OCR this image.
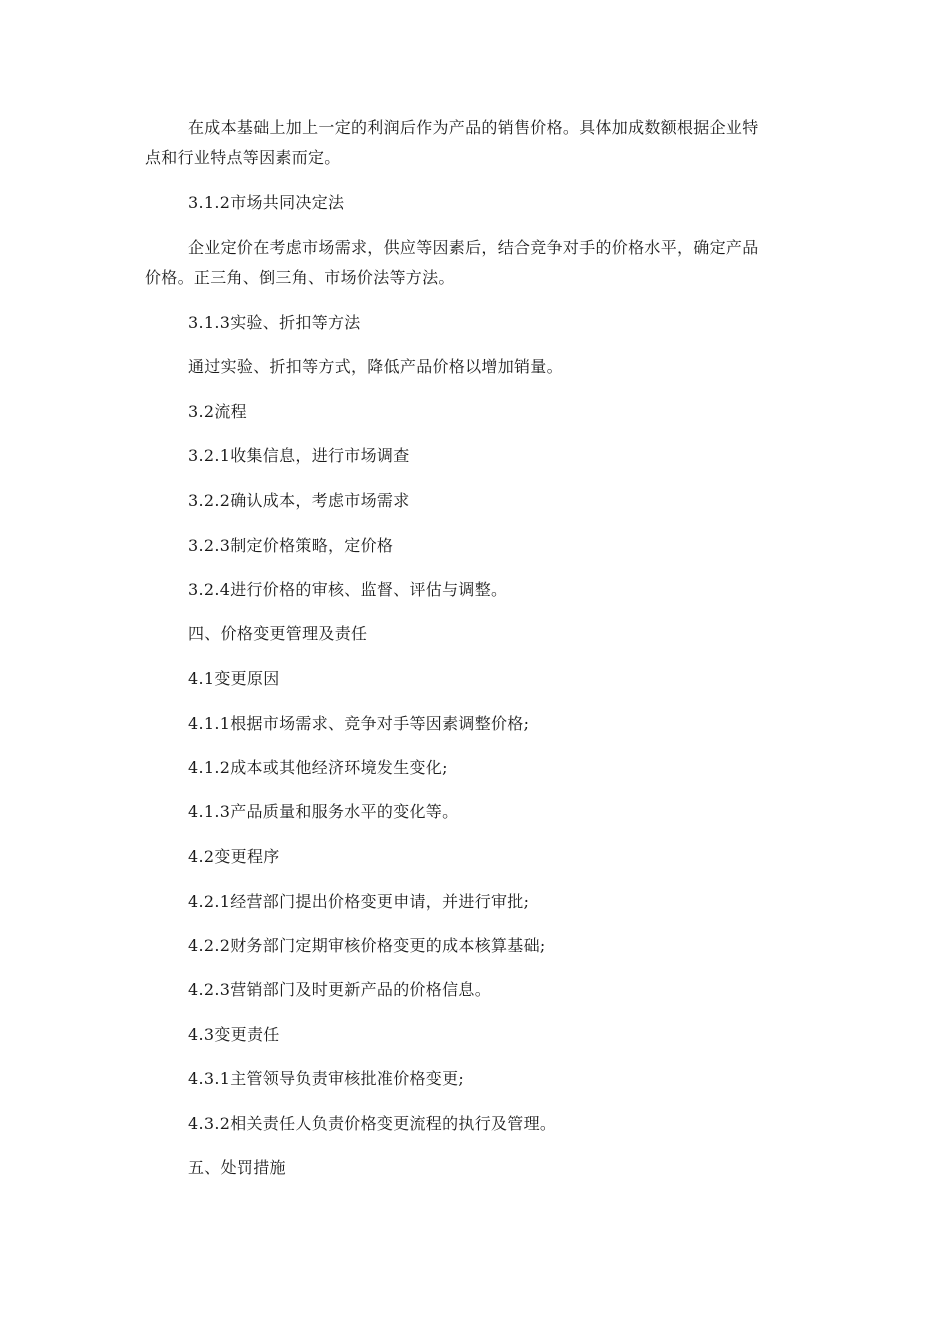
在成本基础上加上一定的利润后作为产品的销售价格。具体加成数额根据企业特
点和行业特点等因素而定。
3.1.2市场共同决定法
企业定价在考虑市场需求，供应等因素后，结合竞争对手的价格水平，确定产品
价格。正三角、倒三角、市场价法等方法。
3.1.3实验、折扣等方法
通过实验、折扣等方式，降低产品价格以增加销量。
3.2流程
3.2.1收集信息，进行市场调查
3.2.2确认成本，考虑市场需求
3.2.3制定价格策略，定价格
3.2.4进行价格的审核、监督、评估与调整。
四、价格变更管理及责任
4.1变更原因
4.1.1根据市场需求、竞争对手等因素调整价格;
4.1.2成本或其他经济环境发生变化;
4.1.3产品质量和服务水平的变化等。
4.2变更程序
4.2.1经营部门提出价格变更申请，并进行审批;
4.2.2财务部门定期审核价格变更的成本核算基础;
4.2.3营销部门及时更新产品的价格信息。
4.3变更责任
4.3.1主管领导负责审核批准价格变更;
4.3.2相关责任人负责价格变更流程的执行及管理。
五、处罚措施
